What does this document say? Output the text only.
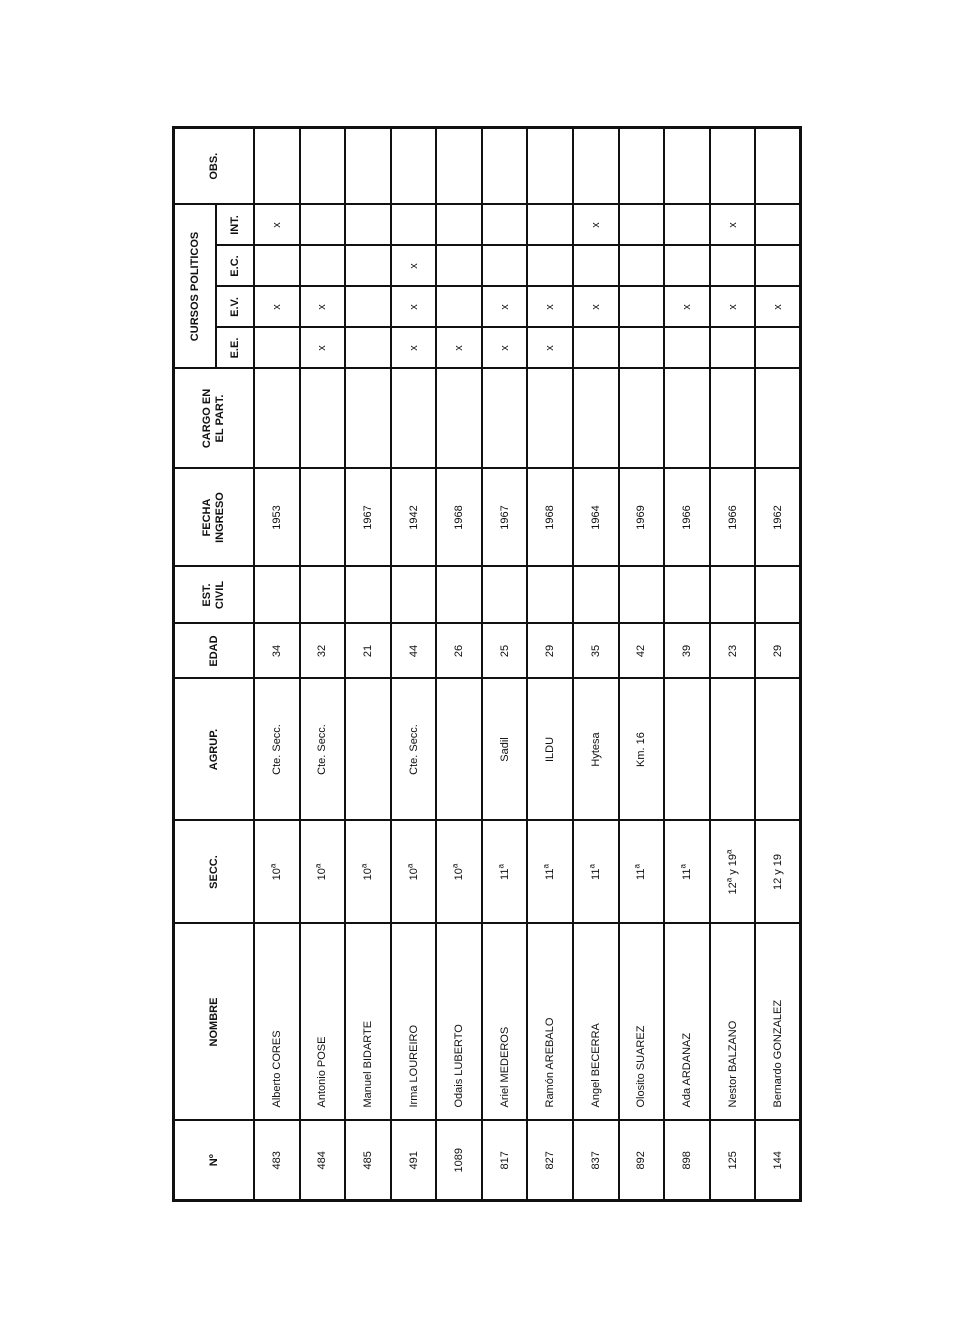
Nº	NOMBRE	SECC.	AGRUP.	EDAD	EST. CIVIL	FECHA INGRESO	CARGO EN EL PART.	CURSOS POLITICOS				OBS.
								E.E.	E.V.	E.C.	INT.	
483	Alberto CORES	10$^a$	Cte. Secc.	34		1953			x		x	
484	Antonio POSE	10$^a$	Cte. Secc.	32				x	x			
485	Manuel BIDARTE	10$^a$		21		1967						
491	Irma LOUREIRO	10$^a$	Cte. Secc.	44		1942		x	x	x		
1089	Odais LUBERTO	10$^a$		26		1968		x				
817	Ariel MEDEROS	11$^a$	Sadil	25		1967		x	x			
827	Ramón AREBALO	11$^a$	ILDU	29		1968		x	x			
837	Angel BECERRA	11$^a$	Hytesa	35		1964			x		x	
892	Olosito SUAREZ	11$^a$	Km. 16	42		1969						
898	Ada ARDANAZ	11$^a$		39		1966			x			
125	Nestor BALZANO	12$^a$ y 19$^a$		23		1966			x		x	
144	Bernardo GONZALEZ	12 y 19		29		1962			x			
